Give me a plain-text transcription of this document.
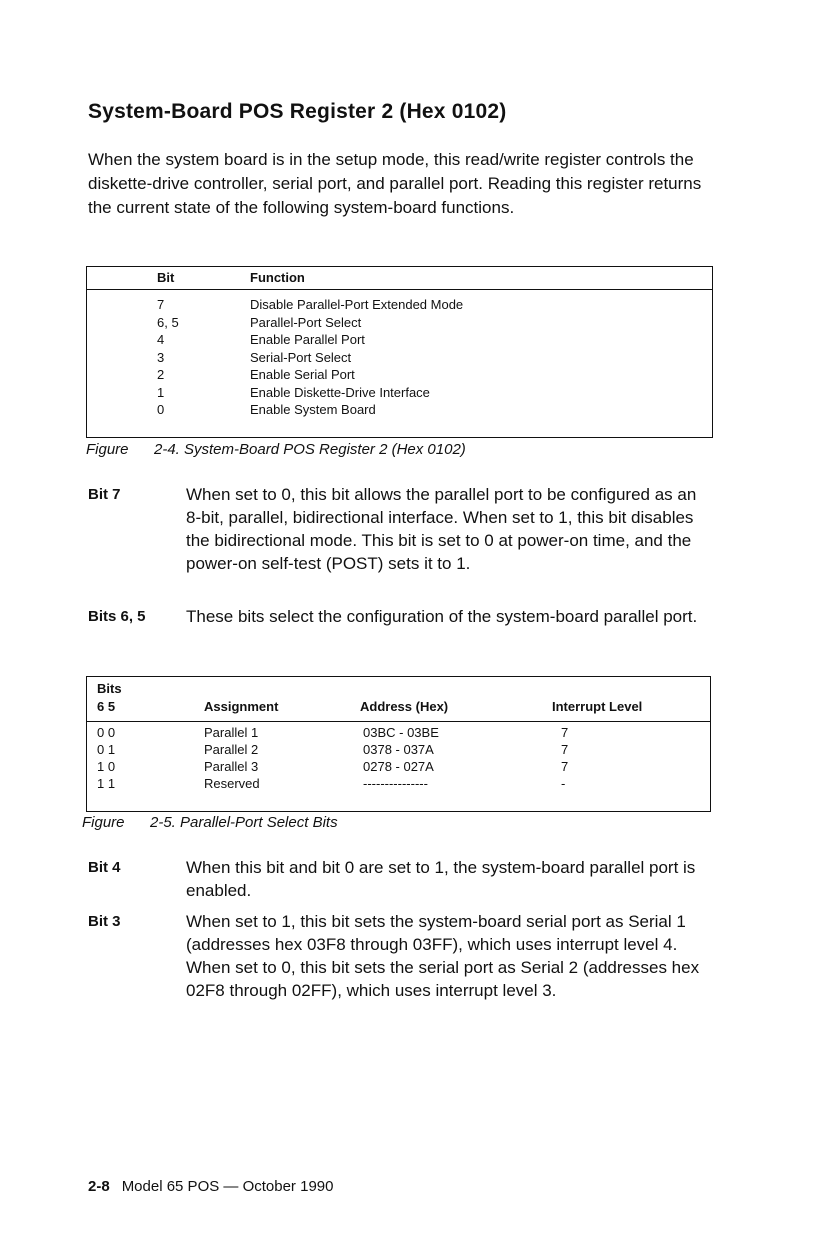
System-Board POS Register 2 (Hex 0102)

When the system board is in the setup mode, this read/write register controls the diskette-drive controller, serial port, and parallel port. Reading this register returns the current state of the following system-board functions.

Bit	Function
7	Disable Parallel-Port Extended Mode
6, 5	Parallel-Port Select
4	Enable Parallel Port
3	Serial-Port Select
2	Enable Serial Port
1	Enable Diskette-Drive Interface
0	Enable System Board
Figure 2-4. System-Board POS Register 2 (Hex 0102)
Bit 7	When set to 0, this bit allows the parallel port to be configured as an 8-bit, parallel, bidirectional interface. When set to 1, this bit disables the bidirectional mode. This bit is set to 0 at power-on time, and the power-on self-test (POST) sets it to 1.

Bits 6, 5 These bits select the configuration of the system-board parallel port.

Bits
6 5	Assignment	Address (Hex)	Interrupt Level
0 0	Parallel 1	03BC - 03BE	7
0 1	Parallel 2	0378 - 037A	7
1 0	Parallel 3	0278 - 027A	7
1 1	Reserved	---------------	-
Figure 2-5. Parallel-Port Select Bits
Bit 4	When this bit and bit 0 are set to 1, the system-board parallel port is enabled.

Bit 3	When set to 1, this bit sets the system-board serial port as Serial 1 (addresses hex 03F8 through 03FF), which uses interrupt level 4. When set to 0, this bit sets the serial port as Serial 2 (addresses hex 02F8 through 02FF), which uses interrupt level 3.

2-8 Model 65 POS — October 1990
